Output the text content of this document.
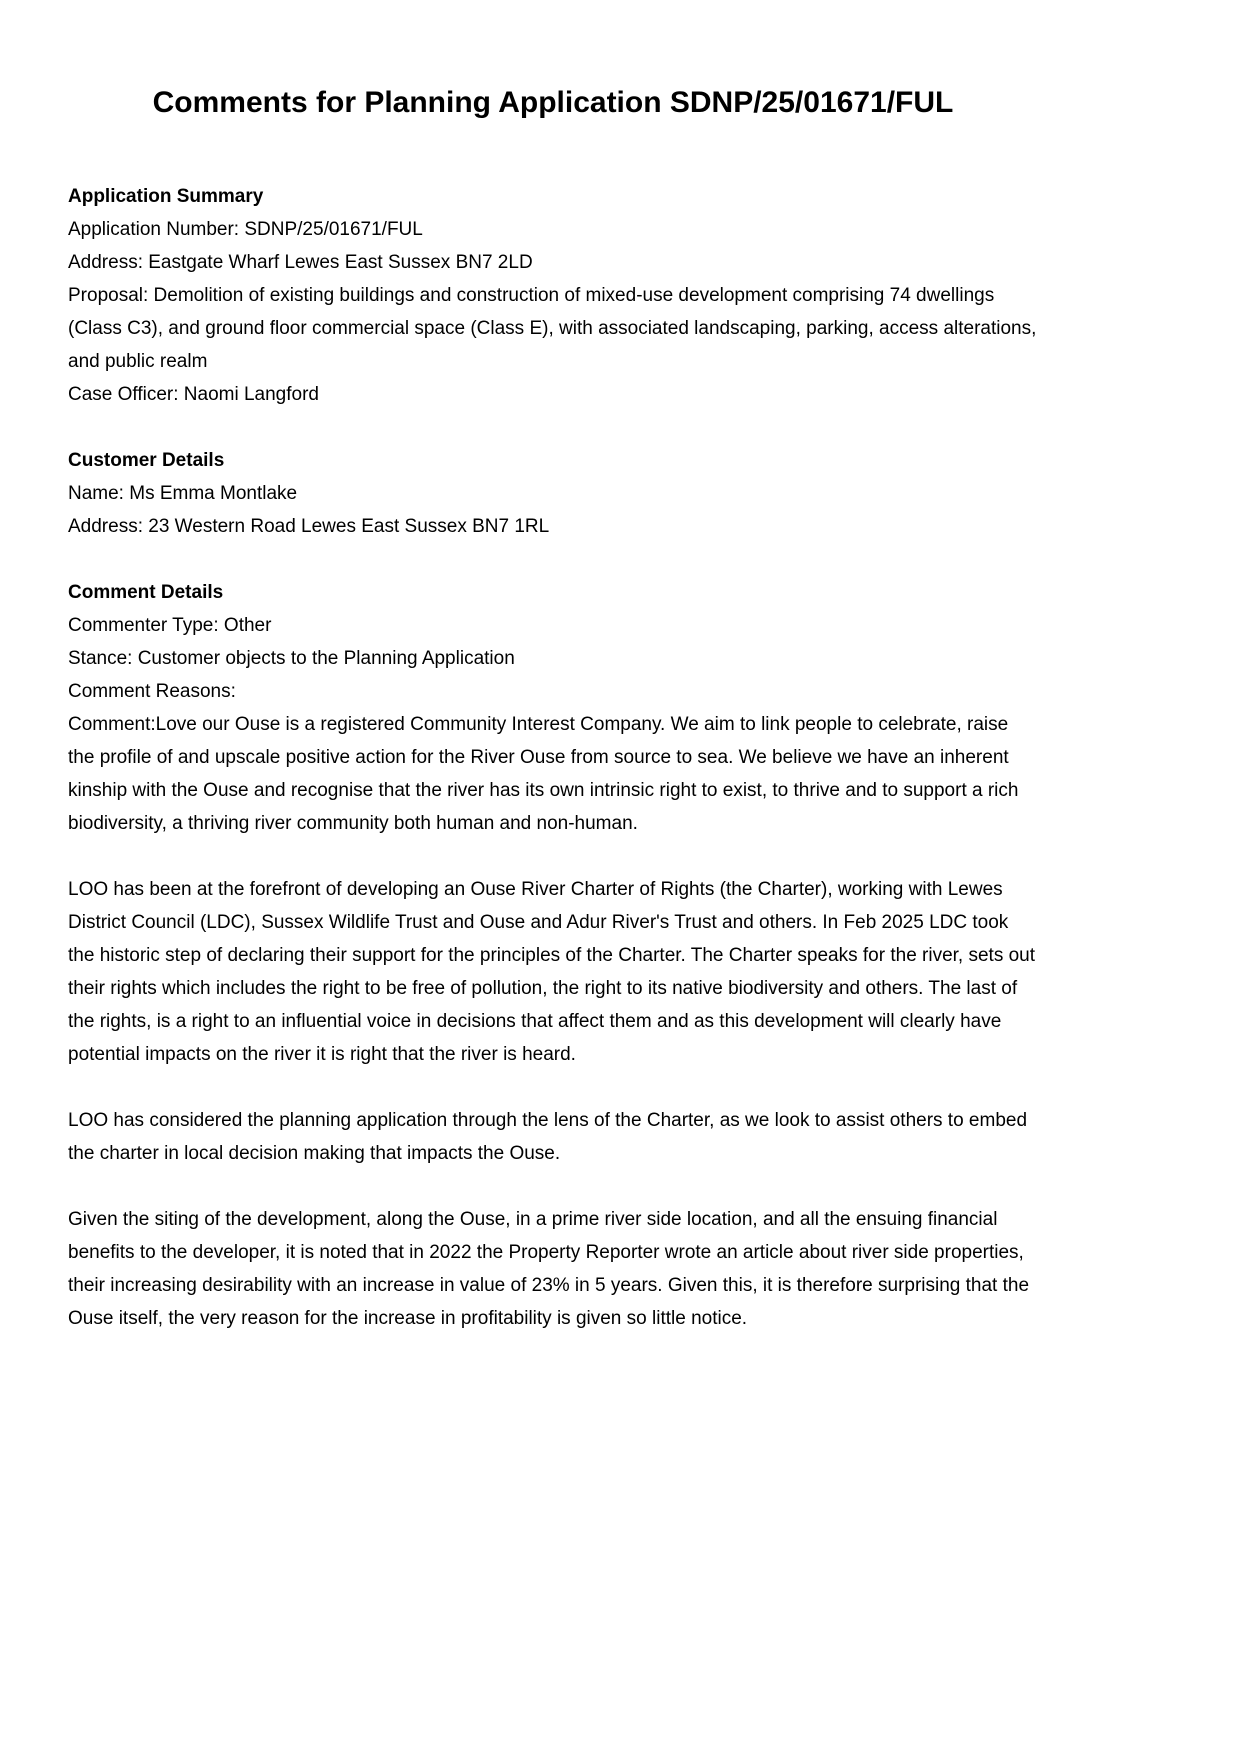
Comments for Planning Application SDNP/25/01671/FUL

Application Summary

Application Number: SDNP/25/01671/FUL

Address: Eastgate Wharf Lewes East Sussex BN7 2LD

Proposal: Demolition of existing buildings and construction of mixed-use development comprising 74 dwellings (Class C3), and ground floor commercial space (Class E), with associated landscaping, parking, access alterations, and public realm

Case Officer: Naomi Langford

Customer Details

Name: Ms Emma Montlake

Address: 23 Western Road Lewes East Sussex BN7 1RL

Comment Details

Commenter Type: Other

Stance: Customer objects to the Planning Application

Comment Reasons:

Comment:Love our Ouse is a registered Community Interest Company. We aim to link people to celebrate, raise the profile of and upscale positive action for the River Ouse from source to sea. We believe we have an inherent kinship with the Ouse and recognise that the river has its own intrinsic right to exist, to thrive and to support a rich biodiversity, a thriving river community both human and non-human.

LOO has been at the forefront of developing an Ouse River Charter of Rights (the Charter), working with Lewes District Council (LDC), Sussex Wildlife Trust and Ouse and Adur River's Trust and others. In Feb 2025 LDC took the historic step of declaring their support for the principles of the Charter. The Charter speaks for the river, sets out their rights which includes the right to be free of pollution, the right to its native biodiversity and others. The last of the rights, is a right to an influential voice in decisions that affect them and as this development will clearly have potential impacts on the river it is right that the river is heard.

LOO has considered the planning application through the lens of the Charter, as we look to assist others to embed the charter in local decision making that impacts the Ouse.

Given the siting of the development, along the Ouse, in a prime river side location, and all the ensuing financial benefits to the developer, it is noted that in 2022 the Property Reporter wrote an article about river side properties, their increasing desirability with an increase in value of 23% in 5 years. Given this, it is therefore surprising that the Ouse itself, the very reason for the increase in profitability is given so little notice.
